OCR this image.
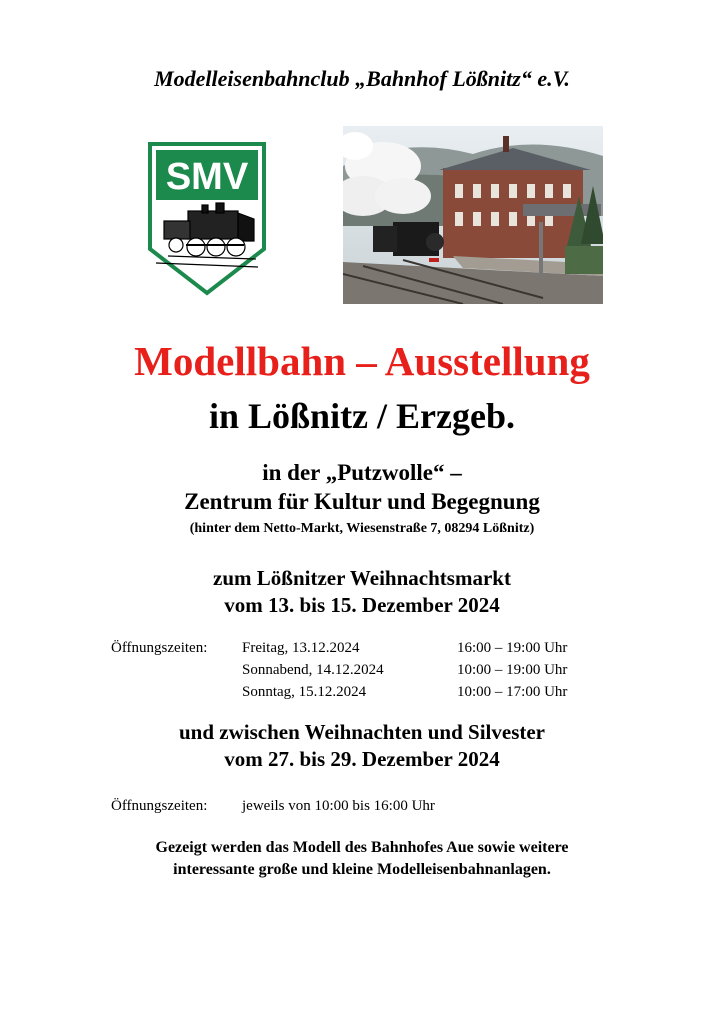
Modelleisenbahnclub „Bahnhof Lößnitz“ e.V.
SMV
Modellbahn – Ausstellung
in Lößnitz / Erzgeb.
in der „Putzwolle“ –
Zentrum für Kultur und Begegnung
(hinter dem Netto-Markt, Wiesenstraße 7, 08294 Lößnitz)
zum Lößnitzer Weihnachtsmarkt
vom 13. bis 15. Dezember 2024
Öffnungszeiten: Freitag, 13.12.2024	16:00 – 19:00 Uhr
Sonnabend, 14.12.2024	10:00 – 19:00 Uhr
Sonntag, 15.12.2024	10:00 – 17:00 Uhr
und zwischen Weihnachten und Silvester
vom 27. bis 29. Dezember 2024
Öffnungszeiten: jeweils von 10:00 bis 16:00 Uhr
Gezeigt werden das Modell des Bahnhofes Aue sowie weitere
interessante große und kleine Modelleisenbahnanlagen.
